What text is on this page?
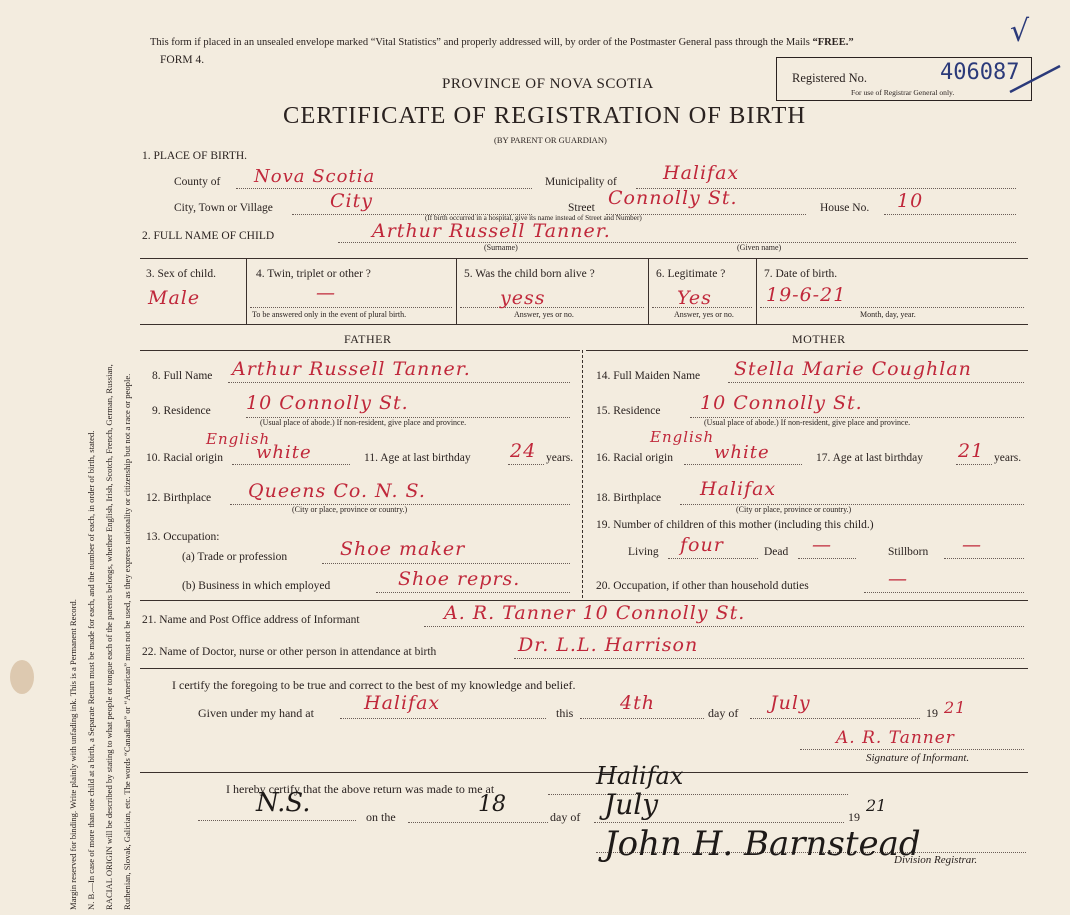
Margin reserved for binding. Write plainly with unfading ink. This is a Permanent Record. N. B.—In case of more than one child at a birth, a Separate Return must be made for each, and the number of each, in order of birth, stated. RACIAL ORIGIN will be described by stating to what people or tongue each of the parents belongs, whether English, Irish, Scotch, French, German, Russian, Ruthenian, Slovak, Galician, etc. The words “Canadian” or “American” must not be used, as they express nationality or citizenship but not a race or people.
This form if placed in an unsealed envelope marked “Vital Statistics” and properly addressed will, by order of the Postmaster General pass through the Mails “FREE.”	√
FORM 4.
PROVINCE OF NOVA SCOTIA
CERTIFICATE OF REGISTRATION OF BIRTH
(BY PARENT OR GUARDIAN)
Registered No.	406087
For use of Registrar General only.
1. PLACE OF BIRTH.
County of Nova Scotia	Municipality of Halifax
City, Town or Village	City	Street Connolly St.
(If birth occurred in a hospital, give its name instead of Street and Number)
House No. 10
2. FULL NAME OF CHILD	Arthur Russell Tanner.
(Surname)	(Given name)
3. Sex of child.
Male
4. Twin, triplet or other ?
—
To be answered only in the event of plural birth.
5. Was the child born alive ?
yess
Answer, yes or no.
6. Legitimate ?
Yes
Answer, yes or no.
7. Date of birth.
19-6-21
Month, day, year.
FATHER	MOTHER
8. Full Name Arthur Russell Tanner.
9. Residence 10 Connolly St.
(Usual place of abode.) If non-resident, give place and province.
10. Racial origin
English
white	11. Age at last birthday 24 years.
12. Birthplace Queens Co. N. S.
(City or place, province or country.)
13. Occupation:
(a) Trade or profession	Shoe maker
(b) Business in which employed	Shoe reprs.
14. Full Maiden Name Stella Marie Coughlan
15. Residence 10 Connolly St.
(Usual place of abode.) If non-resident, give place and province.
16. Racial origin
English
white	17. Age at last birthday 21 years.
18. Birthplace Halifax
(City or place, province or country.)
19. Number of children of this mother (including this child.)
Living four	Dead —	Stillborn —
20. Occupation, if other than household duties	—
21. Name and Post Office address of Informant	A. R. Tanner 10 Connolly St.
22. Name of Doctor, nurse or other person in attendance at birth	Dr. L.L. Harrison
I certify the foregoing to be true and correct to the best of my knowledge and belief.
Given under my hand at	Halifax	this 4th	day of July	19 21
A. R. Tanner
Signature of Informant.
I hereby certify that the above return was made to me at	Halifax
N.S.	on the	18	day of July	19
21
John H. Barnstead
Division Registrar.
